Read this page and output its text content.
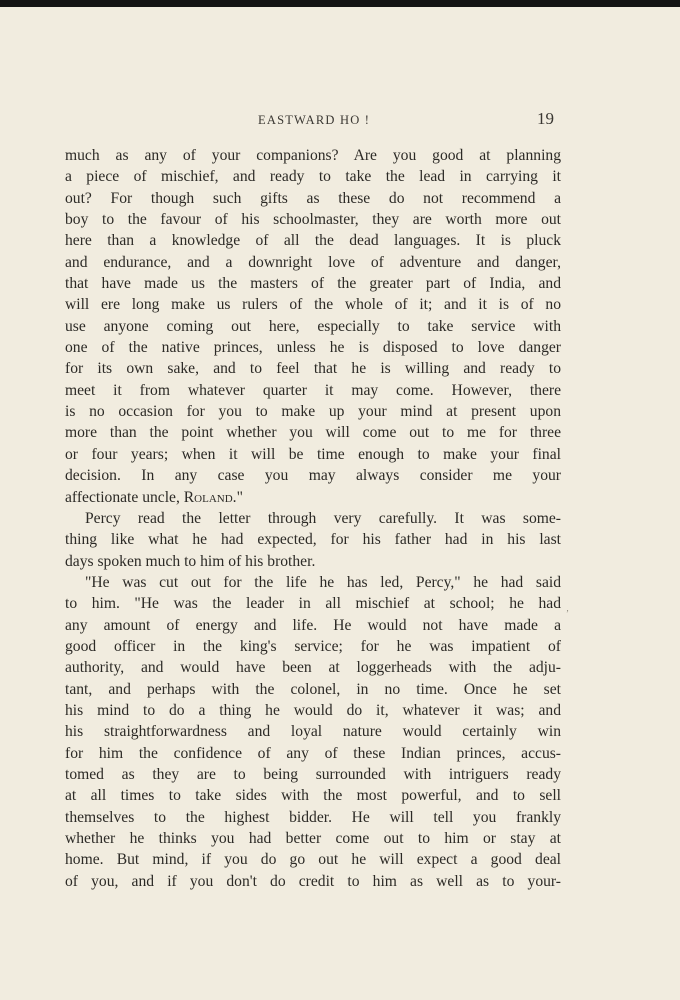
EASTWARD HO !	19
much as any of your companions? Are you good at planning
a piece of mischief, and ready to take the lead in carrying it
out? For though such gifts as these do not recommend a
boy to the favour of his schoolmaster, they are worth more out
here than a knowledge of all the dead languages. It is pluck
and endurance, and a downright love of adventure and danger,
that have made us the masters of the greater part of India, and
will ere long make us rulers of the whole of it; and it is of no
use anyone coming out here, especially to take service with
one of the native princes, unless he is disposed to love danger
for its own sake, and to feel that he is willing and ready to
meet it from whatever quarter it may come. However, there
is no occasion for you to make up your mind at present upon
more than the point whether you will come out to me for three
or four years; when it will be time enough to make your final
decision. In any case you may always consider me your
affectionate uncle, Roland."
Percy read the letter through very carefully. It was some-
thing like what he had expected, for his father had in his last
days spoken much to him of his brother.
"He was cut out for the life he has led, Percy," he had said
to him. "He was the leader in all mischief at school; he had
any amount of energy and life. He would not have made a
good officer in the king's service; for he was impatient of
authority, and would have been at loggerheads with the adju-
tant, and perhaps with the colonel, in no time. Once he set
his mind to do a thing he would do it, whatever it was; and
his straightforwardness and loyal nature would certainly win
for him the confidence of any of these Indian princes, accus-
tomed as they are to being surrounded with intriguers ready
at all times to take sides with the most powerful, and to sell
themselves to the highest bidder. He will tell you frankly
whether he thinks you had better come out to him or stay at
home. But mind, if you do go out he will expect a good deal
of you, and if you don't do credit to him as well as to your-
‚
